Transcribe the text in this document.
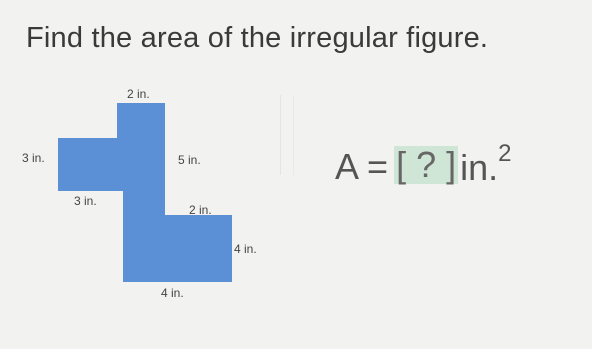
Find the area of the irregular figure.
2 in.
3 in.
3 in.
5 in.
2 in.
4 in.
4 in.
A = [ ? ] in.$^2$
